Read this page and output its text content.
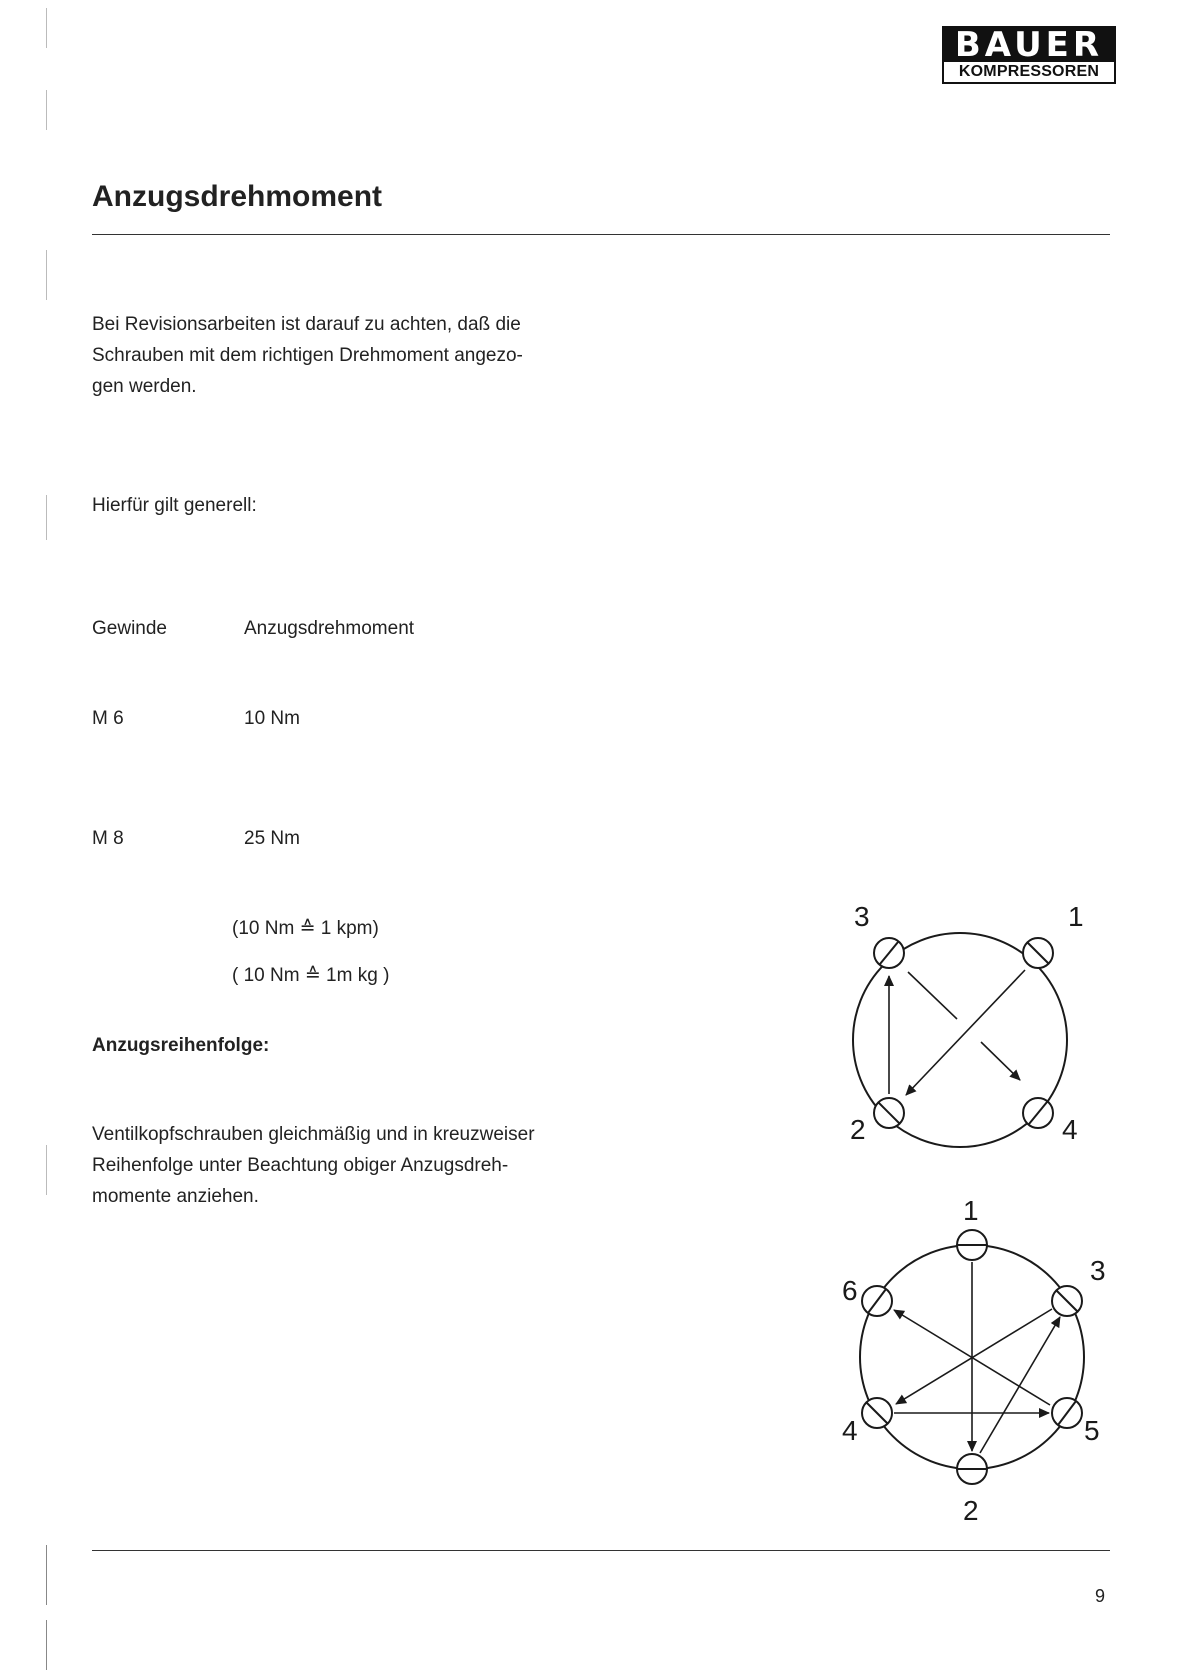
BAUER
KOMPRESSOREN
Anzugsdrehmoment
Bei Revisionsarbeiten ist darauf zu achten, daß die
Schrauben mit dem richtigen Drehmoment angezo-
gen werden.
Hierfür gilt generell:
Gewinde	Anzugsdrehmoment
M 6	10 Nm
M 8	25 Nm
(10 Nm ≙ 1 kpm)
( 10 Nm ≙ 1m kg )
Anzugsreihenfolge:
Ventilkopfschrauben gleichmäßig und in kreuzweiser
Reihenfolge unter Beachtung obiger Anzugsdreh-
momente anziehen.
3	1
2	4
1
3
6
4	5
2
9
